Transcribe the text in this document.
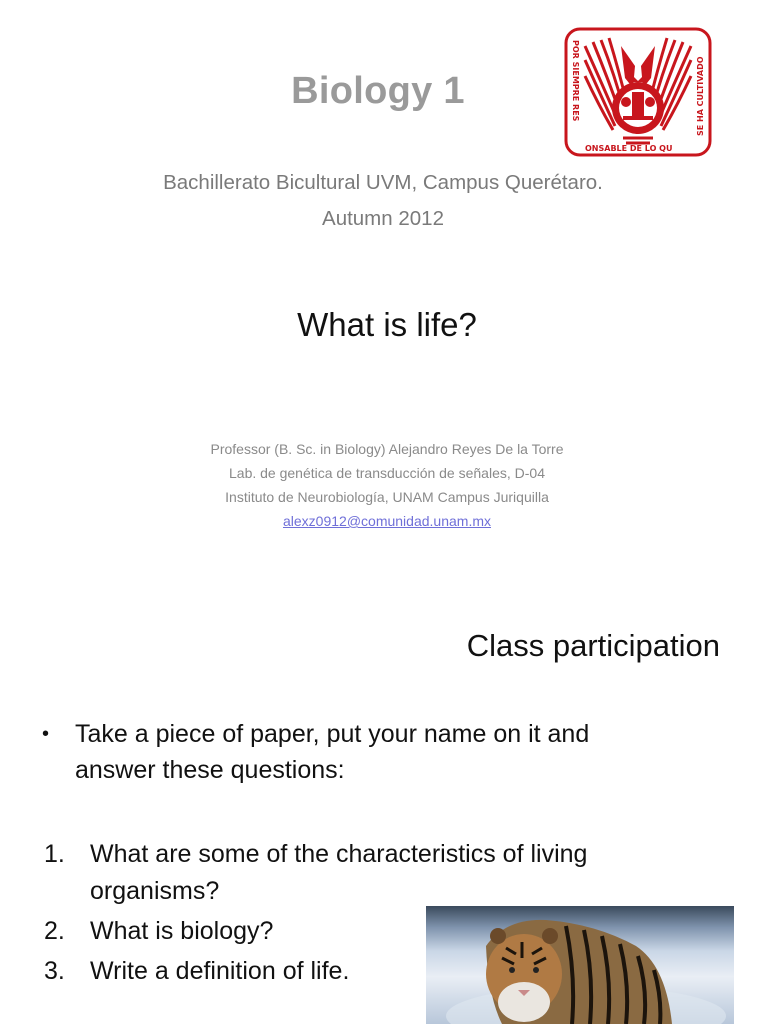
Biology 1	POR SIEMPRE RES
ONSABLE DE LO QU
SE HA CULTIVADO
Bachillerato Bicultural UVM, Campus Querétaro.
Autumn 2012
What is life?
Professor (B. Sc. in Biology) Alejandro Reyes De la Torre
Lab. de genética de transducción de señales, D-04
Instituto de Neurobiología, UNAM Campus Juriquilla
alexz0912@comunidad.unam.mx
Class participation
•	Take a piece of paper, put your name on it and answer these questions:
1.	What are some of the characteristics of living organisms?
2.	What is biology?
3.	Write a definition of life.
